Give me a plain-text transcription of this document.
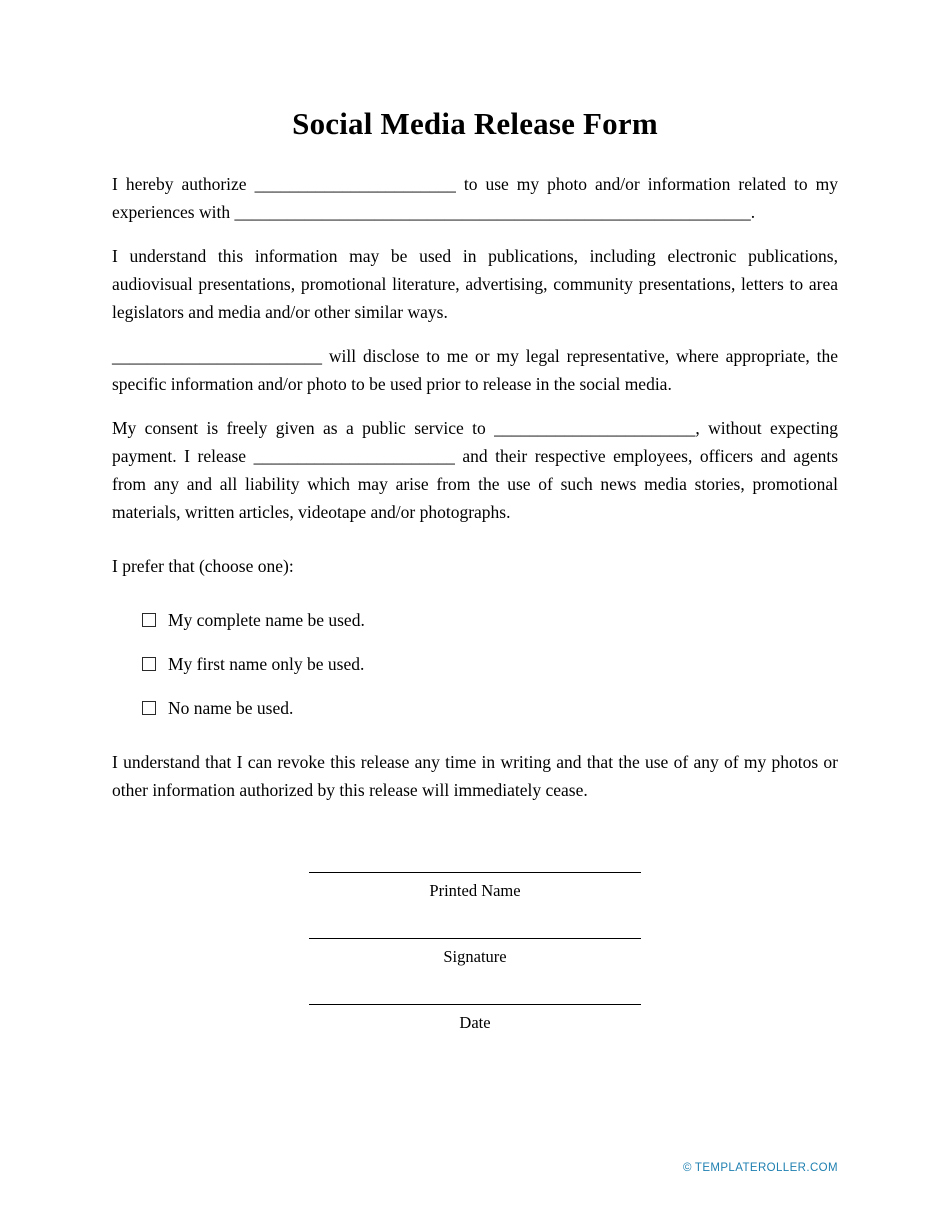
Social Media Release Form

I hereby authorize _______________________ to use my photo and/or information related to my experiences with ___________________________________________________________.

I understand this information may be used in publications, including electronic publications, audiovisual presentations, promotional literature, advertising, community presentations, letters to area legislators and media and/or other similar ways.

________________________ will disclose to me or my legal representative, where appropriate, the specific information and/or photo to be used prior to release in the social media.

My consent is freely given as a public service to _______________________, without expecting payment. I release _______________________ and their respective employees, officers and agents from any and all liability which may arise from the use of such news media stories, promotional materials, written articles, videotape and/or photographs.

I prefer that (choose one):

My complete name be used.
My first name only be used.
No name be used.

I understand that I can revoke this release any time in writing and that the use of any of my photos or other information authorized by this release will immediately cease.

Printed Name
Signature
Date
© TEMPLATEROLLER.COM
